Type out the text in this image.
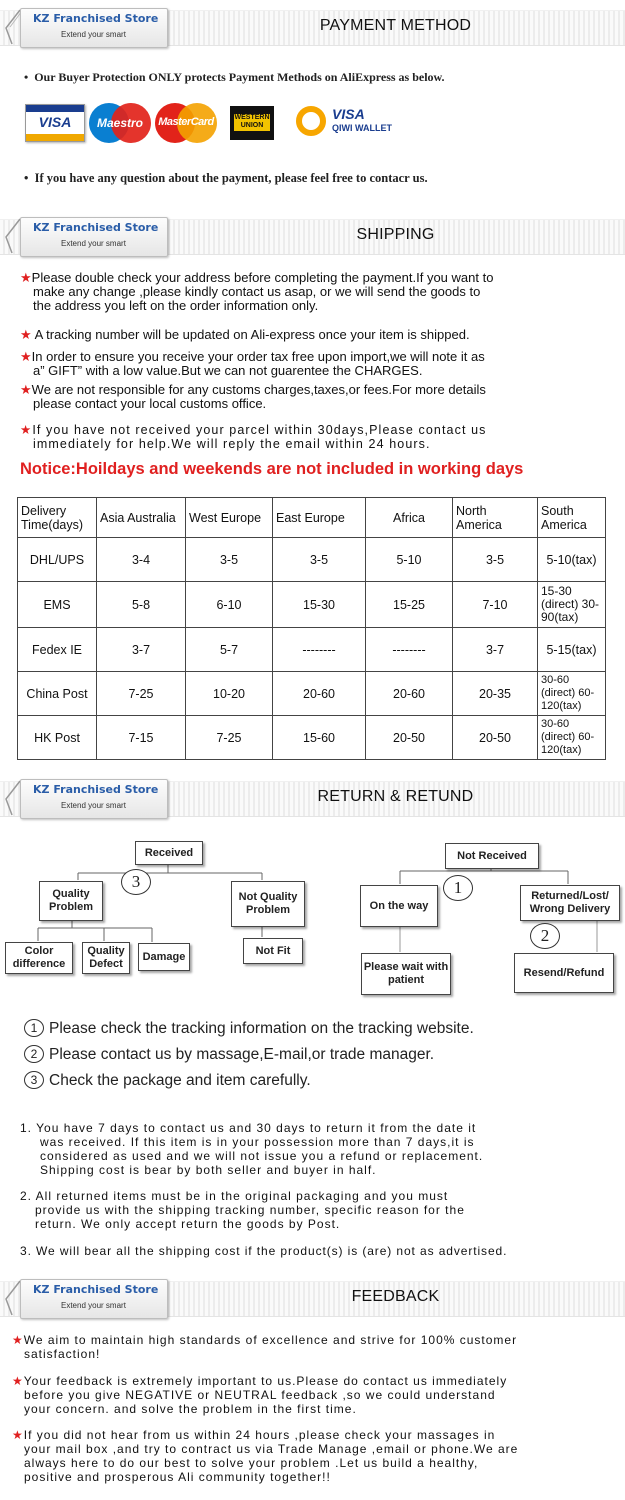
KZ Franchised Store
Extend your smart
PAYMENT METHOD
•  Our Buyer Protection ONLY protects Payment Methods on AliExpress as below.
VISA	Maestro	MasterCard	WESTERN UNION
VISA
QIWI WALLET
•  If you have any question about the payment, please feel free to contacr us.
KZ Franchised Store
Extend your smart
SHIPPING
★Please double check your address before completing the payment.If you want to
make any change ,please kindly contact us asap, or we will send the goods to
the address you left on the order information only.
★ A tracking number will be updated on Ali-express once your item is shipped.
★In order to ensure you receive your order tax free upon import,we will note it as
a” GIFT” with a low value.But we can not guarentee the CHARGES.
★We are not responsible for any customs charges,taxes,or fees.For more details
please contact your local customs office.
★If you have not received your parcel within 30days,Please contact us
immediately for help.We will reply the email within 24 hours.
Notice:Hoildays and weekends are not included in working days
Delivery Time(days)	Asia Australia	West Europe	East Europe	Africa	North America	South America
DHL/UPS	3-4	3-5	3-5	5-10	3-5	5-10(tax)
EMS	5-8	6-10	15-30	15-25	7-10	15-30 (direct) 30-90(tax)
Fedex IE	3-7	5-7	--------	--------	3-7	5-15(tax)
China Post	7-25	10-20	20-60	20-60	20-35	30-60 (direct) 60-120(tax)
HK Post	7-15	7-25	15-60	20-50	20-50	30-60 (direct) 60-120(tax)
KZ Franchised Store
Extend your smart
RETURN & RETUND
Received
3
Quality Problem
Not Quality Problem
Color difference
Quality Defect
Damage	Not Fit
Not Received
1
On the way
Returned/Lost/ Wrong Delivery
2
Please wait with patient
Resend/Refund
1 Please check the tracking information on the tracking website.
2 Please contact us by massage,E-mail,or trade manager.
3 Check the package and item carefully.
1. You have 7 days to contact us and 30 days to return it from the date it
was received. If this item is in your possession more than 7 days,it is
considered as used and we will not issue you a refund or replacement.
Shipping cost is bear by both seller and buyer in half.
2. All returned items must be in the original packaging and you must
provide us with the shipping tracking number, specific reason for the
return. We only accept return the goods by Post.
3. We will bear all the shipping cost if the product(s) is (are) not as advertised.
KZ Franchised Store
Extend your smart
FEEDBACK
★We aim to maintain high standards of excellence and strive for 100% customer
satisfaction!
★Your feedback is extremely important to us.Please do contact us immediately
before you give NEGATIVE or NEUTRAL feedback ,so we could understand
your concern. and solve the problem in the first time.
★If you did not hear from us within 24 hours ,please check your massages in
your mail box ,and try to contract us via Trade Manage ,email or phone.We are
always here to do our best to solve your problem .Let us build a healthy,
positive and prosperous Ali community together!!
